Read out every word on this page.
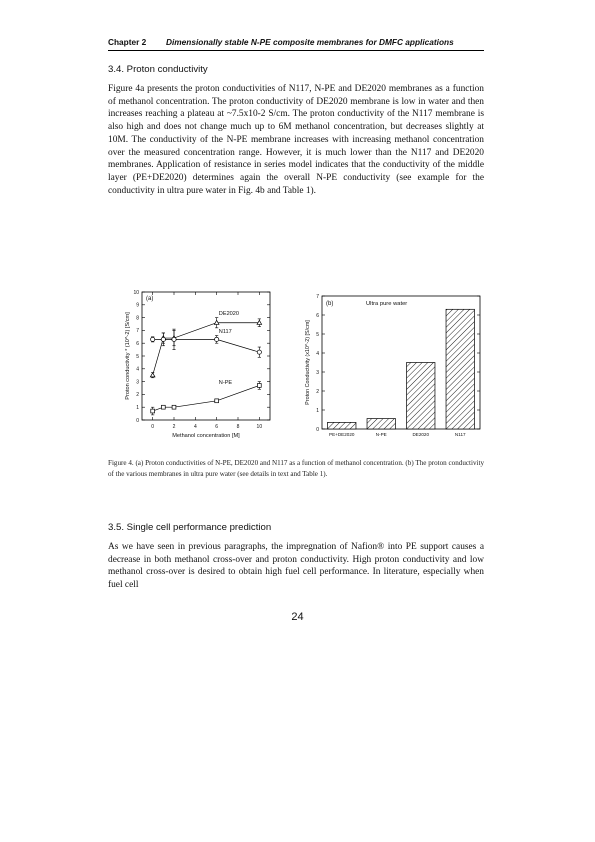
Chapter 2 Dimensionally stable N-PE composite membranes for DMFC applications
3.4. Proton conductivity

Figure 4a presents the proton conductivities of N117, N-PE and DE2020 membranes as a function of methanol concentration. The proton conductivity of DE2020 membrane is low in water and then increases reaching a plateau at ~7.5x10-2 S/cm. The proton conductivity of the N117 membrane is also high and does not change much up to 6M methanol concentration, but decreases slightly at 10M. The conductivity of the N-PE membrane increases with increasing methanol concentration over the measured concentration range. However, it is much lower than the N117 and DE2020 membranes. Application of resistance in series model indicates that the conductivity of the middle layer (PE+DE2020) determines again the overall N-PE conductivity (see example for the conductivity in ultra pure water in Fig. 4b and Table 1).

0	2	4	6	8	10
0
1
2
3
4
5
6
7
8
9
10
Methanol concentration [M]
Proton conductivity * (10^-2) [S/cm]
(a)
DE2020
N117
N-PE
0
1
2
3
4
5
6
7
PE+DE2020	N-PE	DE2020	N117
Proton Conductivity (x10^-2) [S/cm]
(b)	Ultra pure water

Figure 4. (a) Proton conductivities of N-PE, DE2020 and N117 as a function of methanol concentration. (b) The proton conductivity of the various membranes in ultra pure water (see details in text and Table 1).

3.5. Single cell performance prediction

As we have seen in previous paragraphs, the impregnation of Nafion® into PE support causes a decrease in both methanol cross-over and proton conductivity. High proton conductivity and low methanol cross-over is desired to obtain high fuel cell performance. In literature, especially when fuel cell

24
